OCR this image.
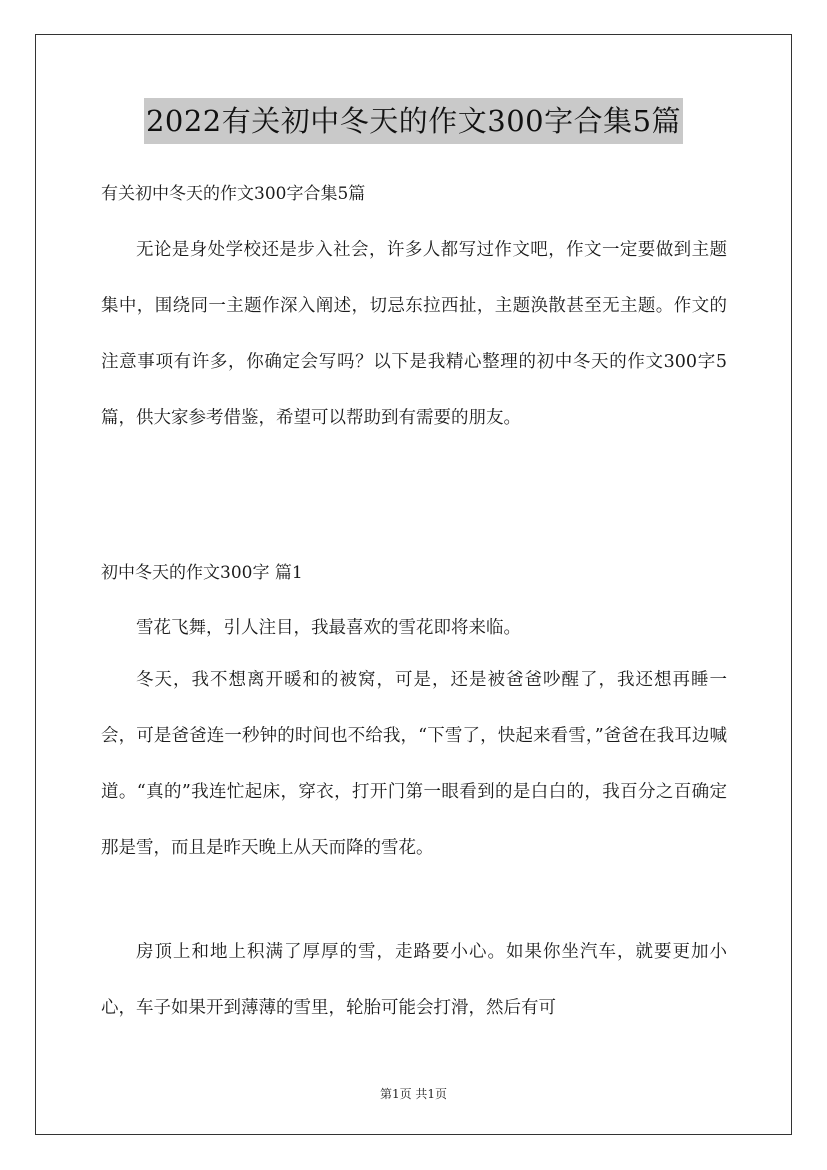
2022有关初中冬天的作文300字合集5篇
有关初中冬天的作文300字合集5篇

无论是身处学校还是步入社会，许多人都写过作文吧，作文一定要做到主题集中，围绕同一主题作深入阐述，切忌东拉西扯，主题涣散甚至无主题。作文的注意事项有许多，你确定会写吗？以下是我精心整理的初中冬天的作文300字5篇，供大家参考借鉴，希望可以帮助到有需要的朋友。

初中冬天的作文300字 篇1

雪花飞舞，引人注目，我最喜欢的雪花即将来临。

冬天，我不想离开暖和的被窝，可是，还是被爸爸吵醒了，我还想再睡一会，可是爸爸连一秒钟的时间也不给我，“下雪了，快起来看雪，”爸爸在我耳边喊道。“真的”我连忙起床，穿衣，打开门第一眼看到的是白白的，我百分之百确定那是雪，而且是昨天晚上从天而降的雪花。

房顶上和地上积满了厚厚的雪，走路要小心。如果你坐汽车，就要更加小心，车子如果开到薄薄的雪里，轮胎可能会打滑，然后有可

第1页 共1页
